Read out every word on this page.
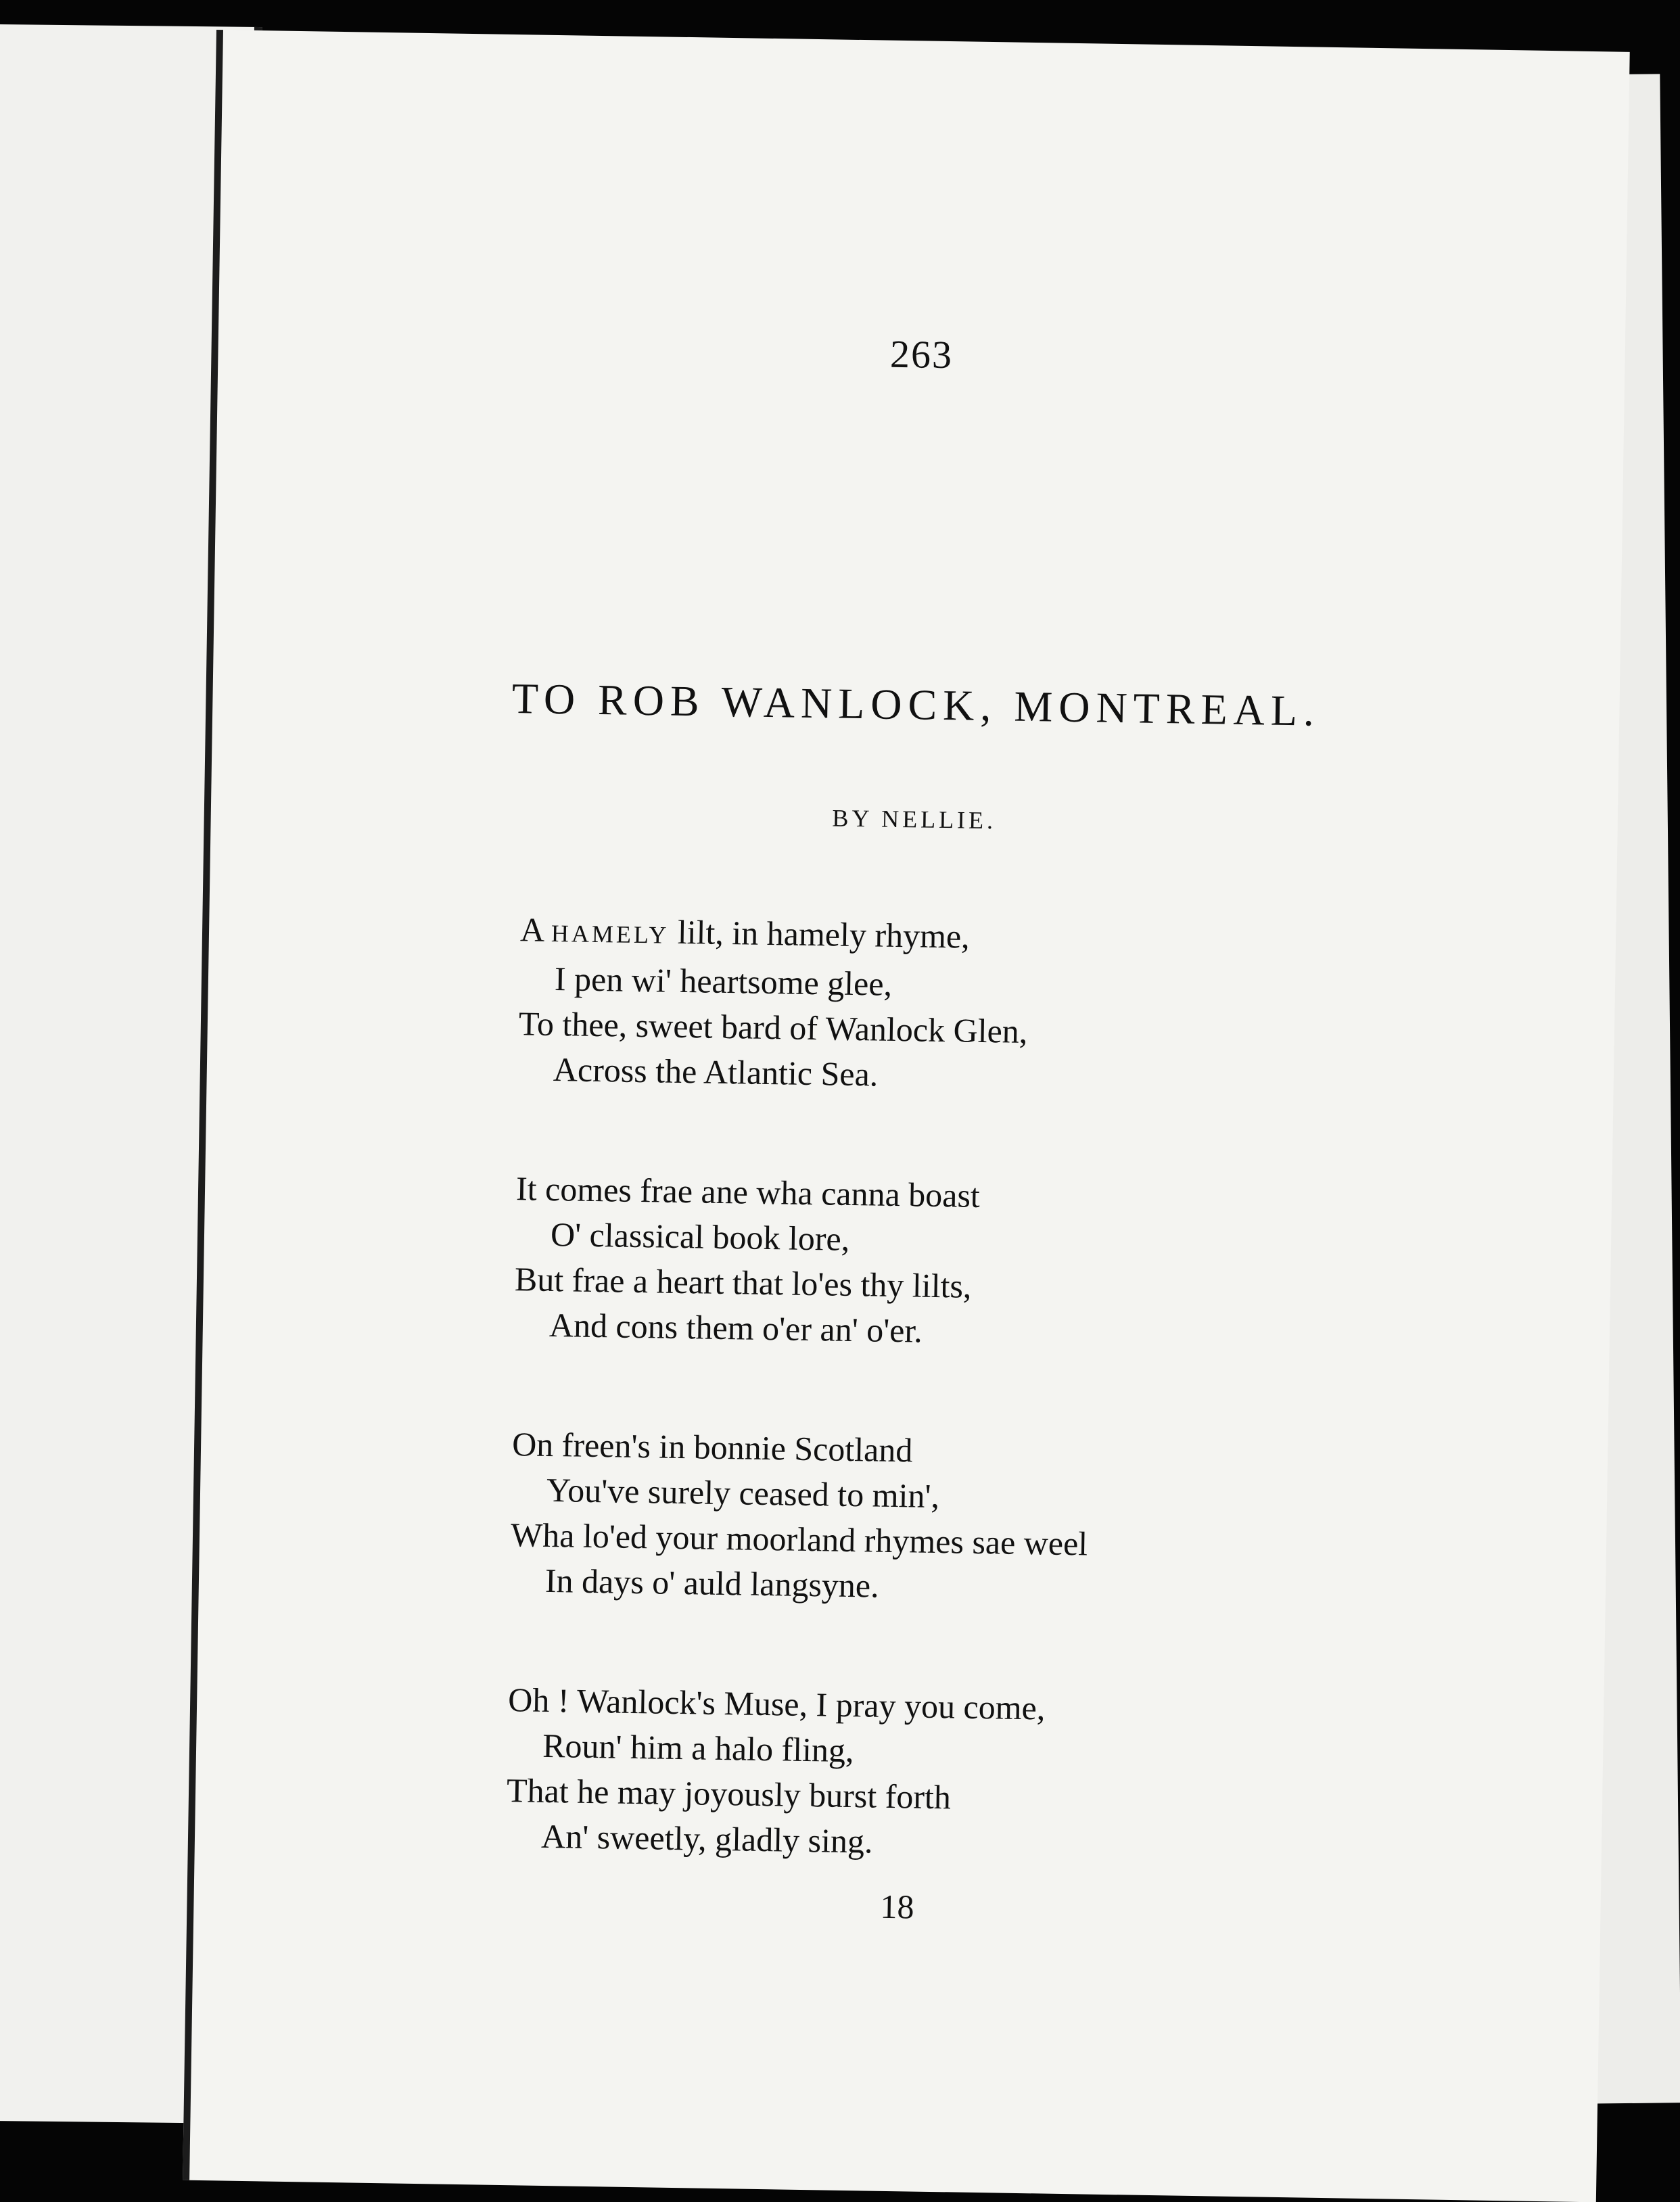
263
TO ROB WANLOCK, MONTREAL.
BY NELLIE.
A HAMELY lilt, in hamely rhyme,
I pen wi' heartsome glee,
To thee, sweet bard of Wanlock Glen,
Across the Atlantic Sea.
It comes frae ane wha canna boast
O' classical book lore,
But frae a heart that lo'es thy lilts,
And cons them o'er an' o'er.
On freen's in bonnie Scotland
You've surely ceased to min',
Wha lo'ed your moorland rhymes sae weel
In days o' auld langsyne.
Oh ! Wanlock's Muse, I pray you come,
Roun' him a halo fling,
That he may joyously burst forth
An' sweetly, gladly sing.
18
